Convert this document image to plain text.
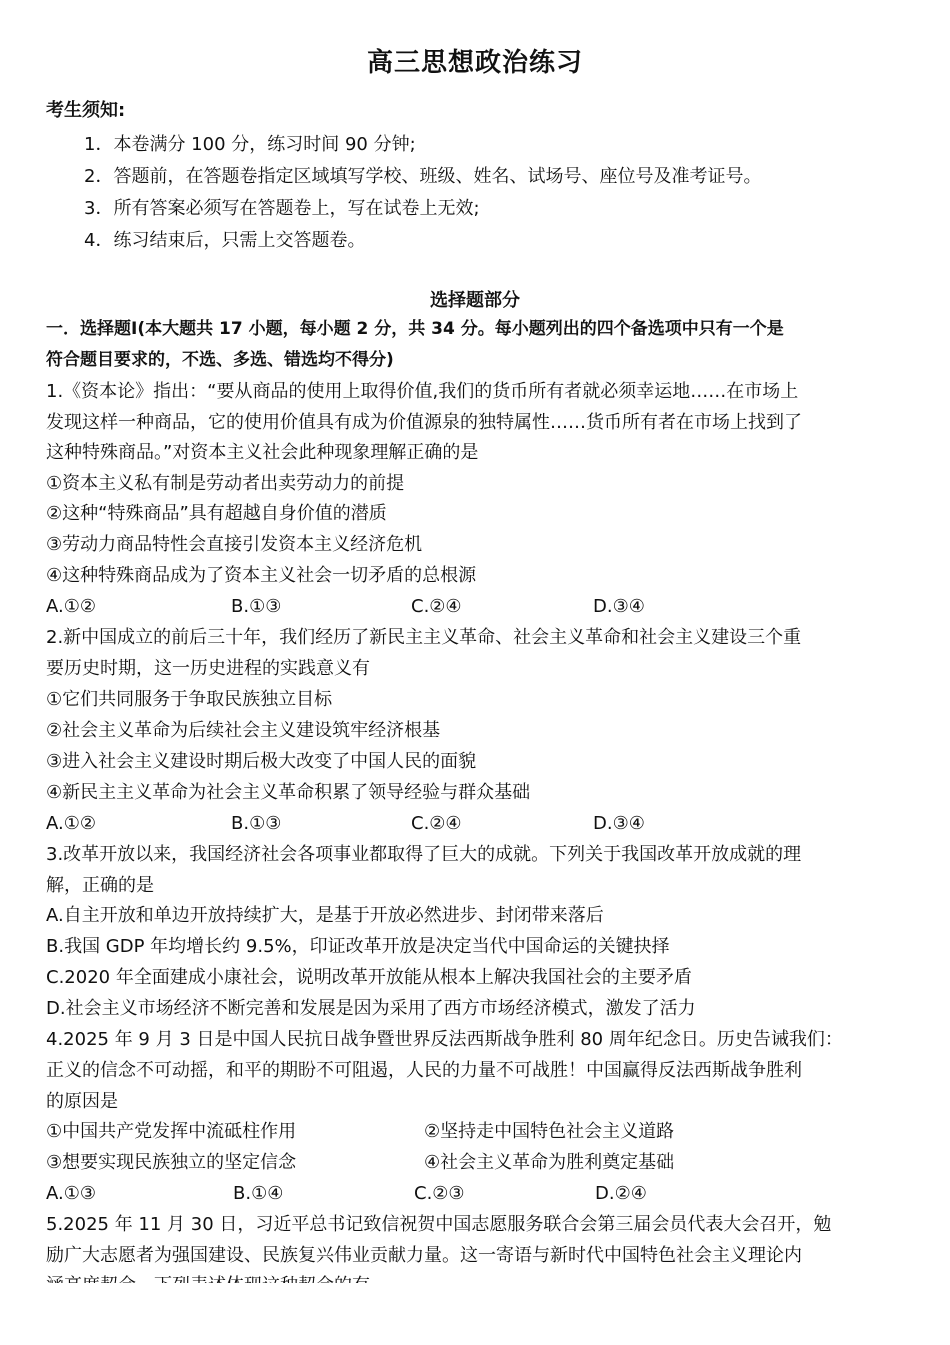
高三思想政治练习
考生须知:
1．本卷满分 100 分，练习时间 90 分钟;
2．答题前，在答题卷指定区域填写学校、班级、姓名、试场号、座位号及准考证号。
3．所有答案必须写在答题卷上，写在试卷上无效;
4．练习结束后，只需上交答题卷。
选择题部分
一．选择题Ⅰ(本大题共 17 小题，每小题 2 分，共 34 分。每小题列出的四个备选项中只有一个是
符合题目要求的，不选、多选、错选均不得分)
1.《资本论》指出：“要从商品的使用上取得价值,我们的货币所有者就必须幸运地……在市场上
发现这样一种商品，它的使用价值具有成为价值源泉的独特属性……货币所有者在市场上找到了
这种特殊商品。”对资本主义社会此种现象理解正确的是
①资本主义私有制是劳动者出卖劳动力的前提
②这种“特殊商品”具有超越自身价值的潜质
③劳动力商品特性会直接引发资本主义经济危机
④这种特殊商品成为了资本主义社会一切矛盾的总根源
A.①②	B.①③	C.②④	D.③④
2.新中国成立的前后三十年，我们经历了新民主主义革命、社会主义革命和社会主义建设三个重
要历史时期，这一历史进程的实践意义有
①它们共同服务于争取民族独立目标
②社会主义革命为后续社会主义建设筑牢经济根基
③进入社会主义建设时期后极大改变了中国人民的面貌
④新民主主义革命为社会主义革命积累了领导经验与群众基础
A.①②	B.①③	C.②④	D.③④
3.改革开放以来，我国经济社会各项事业都取得了巨大的成就。下列关于我国改革开放成就的理
解，正确的是
A.自主开放和单边开放持续扩大，是基于开放必然进步、封闭带来落后
B.我国 GDP 年均增长约 9.5%，印证改革开放是决定当代中国命运的关键抉择
C.2020 年全面建成小康社会，说明改革开放能从根本上解决我国社会的主要矛盾
D.社会主义市场经济不断完善和发展是因为采用了西方市场经济模式，激发了活力
4.2025 年 9 月 3 日是中国人民抗日战争暨世界反法西斯战争胜利 80 周年纪念日。历史告诫我们：
正义的信念不可动摇，和平的期盼不可阻遏，人民的力量不可战胜！中国赢得反法西斯战争胜利
的原因是
①中国共产党发挥中流砥柱作用	②坚持走中国特色社会主义道路
③想要实现民族独立的坚定信念	④社会主义革命为胜利奠定基础
A.①③	B.①④	C.②③	D.②④
5.2025 年 11 月 30 日，习近平总书记致信祝贺中国志愿服务联合会第三届会员代表大会召开，勉
励广大志愿者为强国建设、民族复兴伟业贡献力量。这一寄语与新时代中国特色社会主义理论内
